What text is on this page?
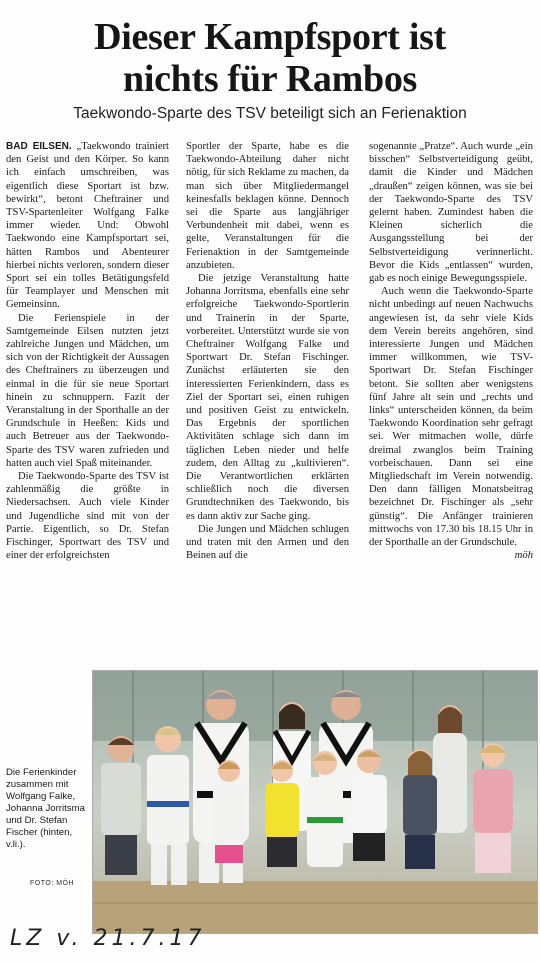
Dieser Kampfsport ist
nichts für Rambos
Taekwondo-Sparte des TSV beteiligt sich an Ferienaktion

BAD EILSEN. „Taekwondo trainiert den Geist und den Körper. So kann ich einfach umschreiben, was eigentlich diese Sportart ist bzw. bewirkt“, betont Cheftrainer und TSV-Spartenleiter Wolfgang Falke immer wieder. Und: Obwohl Taekwondo eine Kampfsportart sei, hätten Rambos und Abenteurer hierbei nichts verloren, sondern dieser Sport sei ein tolles Betätigungsfeld für Teamplayer und Menschen mit Gemeinsinn.

Die Ferienspiele in der Samtgemeinde Eilsen nutzten jetzt zahlreiche Jungen und Mädchen, um sich von der Richtigkeit der Aussagen des Cheftrainers zu überzeugen und einmal in die für sie neue Sportart hinein zu schnuppern. Fazit der Veranstaltung in der Sporthalle an der Grundschule in Heeßen: Kids und auch Betreuer aus der Taekwondo-Sparte des TSV waren zufrieden und hatten auch viel Spaß miteinander.

Die Taekwondo-Sparte des TSV ist zahlenmäßig die größte in Niedersachsen. Auch viele Kinder und Jugendliche sind mit von der Partie. Eigentlich, so Dr. Stefan Fischinger, Sportwart des TSV und einer der erfolgreichsten

Sportler der Sparte, habe es die Taekwondo-Abteilung daher nicht nötig, für sich Reklame zu machen, da man sich über Mitgliedermangel keinesfalls beklagen könne. Dennoch sei die Sparte aus langjähriger Verbundenheit mit dabei, wenn es gelte, Veranstaltungen für die Ferienaktion in der Samtgemeinde anzubieten.

Die jetzige Veranstaltung hatte Johanna Jorritsma, ebenfalls eine sehr erfolgreiche Taekwondo-Sportlerin und Trainerin in der Sparte, vorbereitet. Unterstützt wurde sie von Cheftrainer Wolfgang Falke und Sportwart Dr. Stefan Fischinger. Zunächst erläuterten sie den interessierten Ferienkindern, dass es Ziel der Sportart sei, einen ruhigen und positiven Geist zu entwickeln. Das Ergebnis der sportlichen Aktivitäten schlage sich dann im täglichen Leben nieder und helfe zudem, den Alltag zu „kultivieren“. Die Verantwortlichen erklärten schließlich noch die diversen Grundtechniken des Taekwondo, bis es dann aktiv zur Sache ging.

Die Jungen und Mädchen schlugen und traten mit den Armen und den Beinen auf die

sogenannte „Pratze“. Auch wurde „ein bisschen“ Selbstverteidigung geübt, damit die Kinder und Mädchen „draußen“ zeigen können, was sie bei der Taekwondo-Sparte des TSV gelernt haben. Zumindest haben die Kleinen sicherlich die Ausgangsstellung bei der Selbstverteidigung verinnerlicht. Bevor die Kids „entlassen“ wurden, gab es noch einige Bewegungsspiele.

Auch wenn die Taekwondo-Sparte nicht unbedingt auf neuen Nachwuchs angewiesen ist, da sehr viele Kids dem Verein bereits angehören, sind interessierte Jungen und Mädchen immer willkommen, wie TSV-Sportwart Dr. Stefan Fischinger betont. Sie sollten aber wenigstens fünf Jahre alt sein und „rechts und links“ unterscheiden können, da beim Taekwondo Koordination sehr gefragt sei. Wer mitmachen wolle, dürfe dreimal zwanglos beim Training vorbeischauen. Dann sei eine Mitgliedschaft im Verein notwendig. Den dann fälligen Monatsbeitrag bezeichnet Dr. Fischinger als „sehr günstig“. Die Anfänger trainieren mittwochs von 17.30 bis 18.15 Uhr in der Sporthalle an der Grundschule.

möh

Die Ferienkinder zusammen mit Wolfgang Falke, Johanna Jorritsma und Dr. Stefan Fischer (hinten, v.li.).
FOTO: MÖH
LZ v. 21.7.17
